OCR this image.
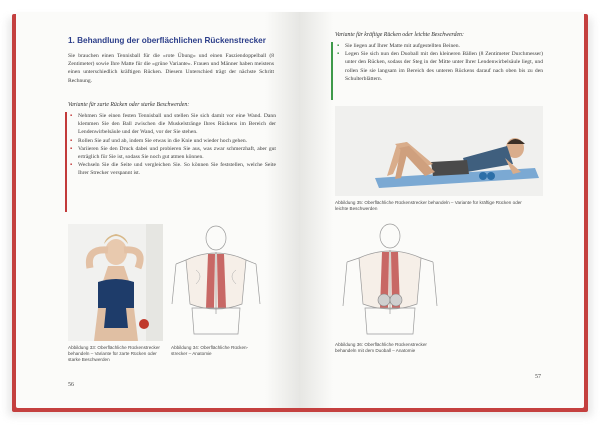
1. Behandlung der oberflächlichen Rückenstrecker
Sie brauchen einen Tennisball für die »rote Übung« und einen Fasziendoppelball (8 Zentimeter) sowie Ihre Matte für die »grüne Variante«. Frauen und Männer haben meistens einen unterschiedlich kräftigen Rücken. Diesem Unterschied trägt der nächste Schritt Rechnung.
Variante für zarte Rücken oder starke Beschwerden:
▪ Nehmen Sie einen festen Tennisball und stellen Sie sich damit vor eine Wand. Dann klemmen Sie den Ball zwischen die Muskelstränge Ihres Rückens im Bereich der Lendenwirbelsäule und der Wand, vor der Sie stehen.
▪ Rollen Sie auf und ab, indem Sie etwas in die Knie und wieder hoch gehen.
▪ Variieren Sie den Druck dabei und probieren Sie aus, was zwar schmerzhaft, aber gut erträglich für Sie ist, sodass Sie noch gut atmen können.
▪ Wechseln Sie die Seite und vergleichen Sie. So können Sie feststellen, welche Seite Ihrer Strecker verspannt ist.
Abbildung 33: Oberflächliche Rückenstrecker behandeln – Variante für zarte Rücken oder starke Beschwerden
Abbildung 34: Oberflächliche Rückenstrecker – Anatomie
56
Variante für kräftige Rücken oder leichte Beschwerden:
▪ Sie liegen auf Ihrer Matte mit aufgestellten Beinen.
▪ Legen Sie sich nun den Duoball mit den kleineren Bällen (8 Zentimeter Durchmesser) unter den Rücken, sodass der Steg in der Mitte unter Ihrer Lendenwirbelsäule liegt, und rollen Sie sie langsam im Bereich des unteren Rückens darauf nach oben bis zu den Schulterblättern.
Abbildung 35: Oberflächliche Rückenstrecker behandeln – Variante für kräftige Rücken oder leichte Beschwerden
Abbildung 36: Oberflächliche Rückenstrecker behandeln mit dem Duoball – Anatomie
57
